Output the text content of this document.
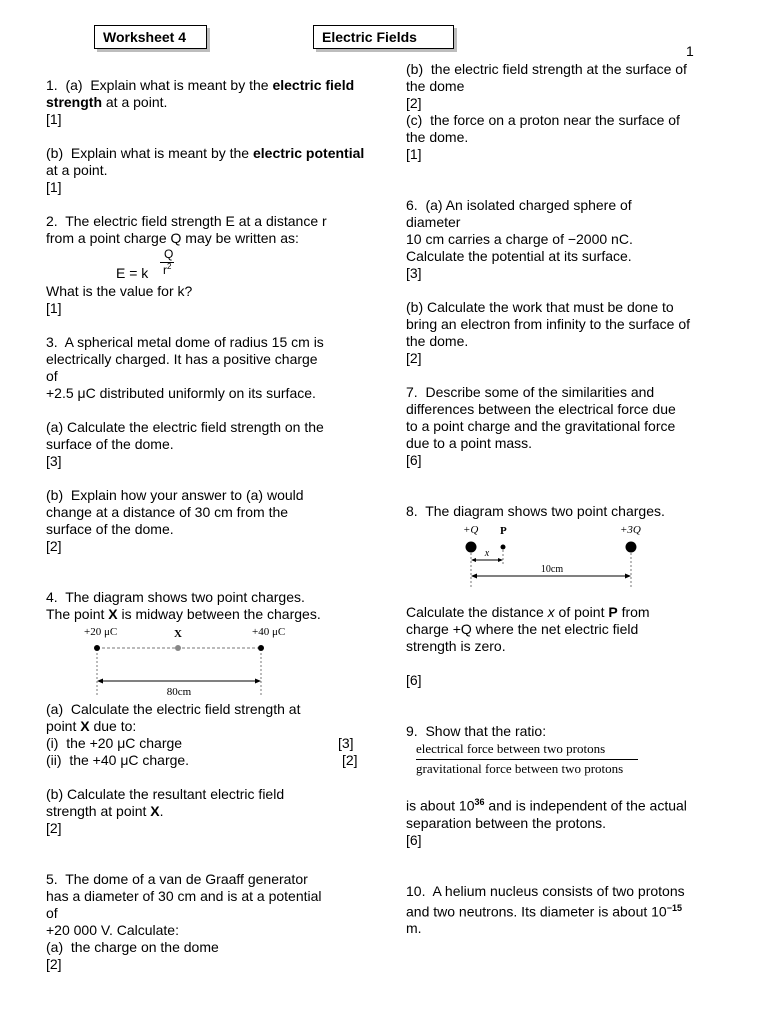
Worksheet 4	Electric Fields
1

1.  (a)  Explain what is meant by the electric field strength at a point.

[1]

(b)  Explain what is meant by the electric potential at a point.

[1]

2.  The electric field strength E at a distance r

from a point charge Q may be written as:

E = k
Q
$r^2$

What is the value for k?

[1]

3.  A spherical metal dome of radius 15 cm is

electrically charged. It has a positive charge

of

+2.5 μC distributed uniformly on its surface.

(a) Calculate the electric field strength on the

surface of the dome.

[3]

(b)  Explain how your answer to (a) would

change at a distance of 30 cm from the

surface of the dome.

[2]

4.  The diagram shows two point charges.

The point X is midway between the charges.

+20 μC	X	+40 μC
80cm

(a)  Calculate the electric field strength at

point X due to:

(i)  the +20 μC charge	[3]

(ii)  the +40 μC charge.	[2]

(b) Calculate the resultant electric field

strength at point X.

[2]

5.  The dome of a van de Graaff generator

has a diameter of 30 cm and is at a potential

of

+20 000 V. Calculate:

(a)  the charge on the dome

[2]

(b)  the electric field strength at the surface of

the dome

[2]

(c)  the force on a proton near the surface of

the dome.

[1]

6.  (a) An isolated charged sphere of

diameter

10 cm carries a charge of −2000 nC.

Calculate the potential at its surface.

[3]

(b) Calculate the work that must be done to

bring an electron from infinity to the surface of

the dome.

[2]

7.  Describe some of the similarities and

differences between the electrical force due

to a point charge and the gravitational force

due to a point mass.

[6]

8.  The diagram shows two point charges.

+Q P	+3Q
x
10cm

Calculate the distance x of point P from

charge +Q where the net electric field

strength is zero.

[6]

9.  Show that the ratio:

electrical force between two protons
gravitational force between two protons

is about $10^{36}$ and is independent of the actual

separation between the protons.

[6]

10.  A helium nucleus consists of two protons

and two neutrons. Its diameter is about $10^{-15}$

m.
